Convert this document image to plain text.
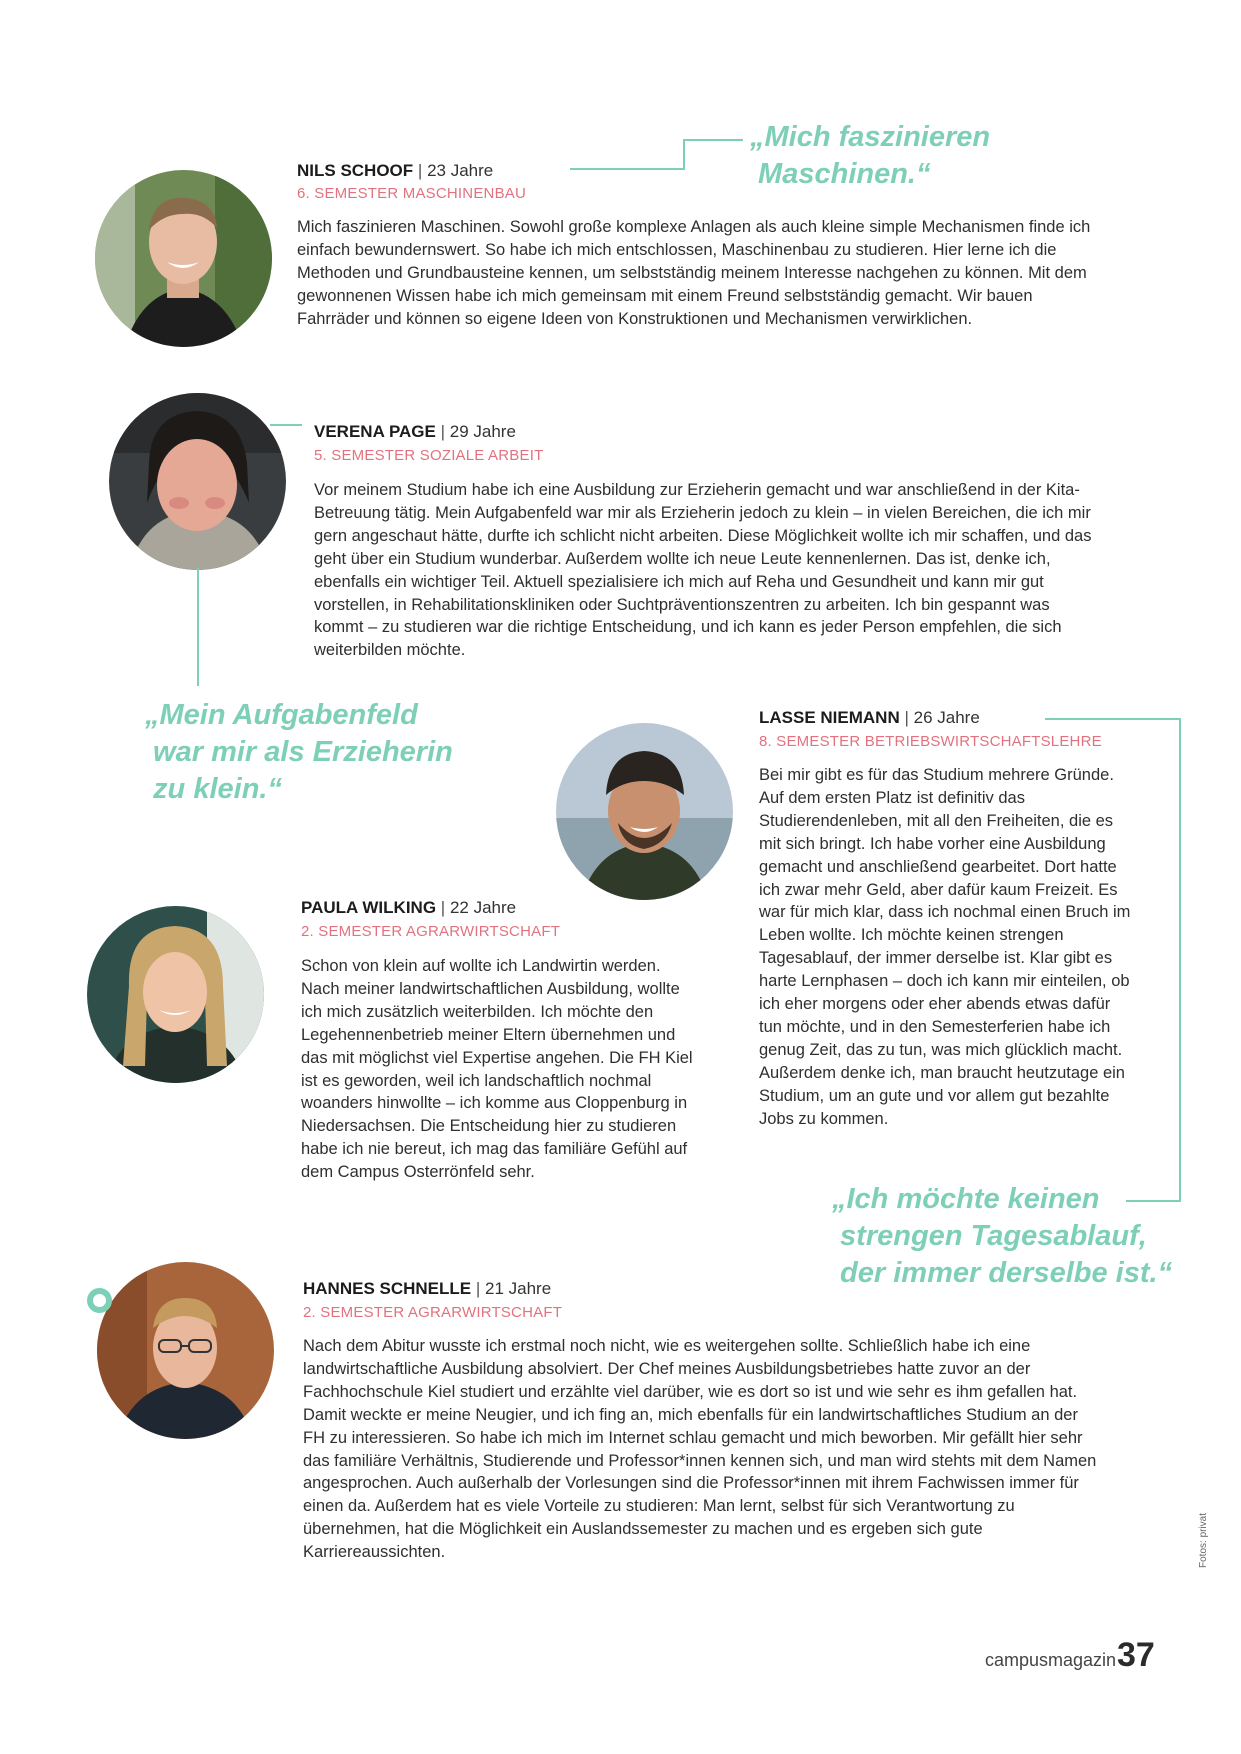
NILS SCHOOF | 23 Jahre
6. SEMESTER MASCHINENBAU
Mich faszinieren Maschinen. Sowohl große komplexe Anlagen als auch kleine simple Mechanismen finde ich einfach bewundernswert. So habe ich mich entschlossen, Maschinenbau zu studieren. Hier lerne ich die Methoden und Grundbausteine kennen, um selbstständig meinem Interesse nachgehen zu können. Mit dem gewonnenen Wissen habe ich mich gemeinsam mit einem Freund selbstständig gemacht. Wir bauen Fahrräder und können so eigene Ideen von Konstruktionen und Mechanismen verwirklichen.
„Mich faszinieren
Maschinen.“
VERENA PAGE | 29 Jahre
5. SEMESTER SOZIALE ARBEIT
Vor meinem Studium habe ich eine Ausbildung zur Erzieherin gemacht und war anschließend in der Kita-Betreuung tätig. Mein Aufgabenfeld war mir als Erzieherin jedoch zu klein – in vielen Bereichen, die ich mir gern angeschaut hätte, durfte ich schlicht nicht arbeiten. Diese Möglichkeit wollte ich mir schaffen, und das geht über ein Studium wunderbar. Außerdem wollte ich neue Leute kennenlernen. Das ist, denke ich, ebenfalls ein wichtiger Teil. Aktuell spezialisiere ich mich auf Reha und Gesundheit und kann mir gut vorstellen, in Rehabilitationskliniken oder Suchtpräventionszentren zu arbeiten. Ich bin gespannt was kommt – zu studieren war die richtige Entscheidung, und ich kann es jeder Person empfehlen, die sich weiterbilden möchte.
„Mein Aufgabenfeld
war mir als Erzieherin
zu klein.“
LASSE NIEMANN | 26 Jahre
8. SEMESTER BETRIEBSWIRTSCHAFTSLEHRE
Bei mir gibt es für das Studium mehrere Gründe. Auf dem ersten Platz ist definitiv das Studierendenleben, mit all den Freiheiten, die es mit sich bringt. Ich habe vorher eine Ausbildung gemacht und anschließend gearbeitet. Dort hatte ich zwar mehr Geld, aber dafür kaum Freizeit. Es war für mich klar, dass ich nochmal einen Bruch im Leben wollte. Ich möchte keinen strengen Tagesablauf, der immer derselbe ist. Klar gibt es harte Lernphasen – doch ich kann mir einteilen, ob ich eher morgens oder eher abends etwas dafür tun möchte, und in den Semesterferien habe ich genug Zeit, das zu tun, was mich glücklich macht. Außerdem denke ich, man braucht heutzutage ein Studium, um an gute und vor allem gut bezahlte Jobs zu kommen.
„Ich möchte keinen
strengen Tagesablauf,
der immer derselbe ist.“
PAULA WILKING | 22 Jahre
2. SEMESTER AGRARWIRTSCHAFT
Schon von klein auf wollte ich Landwirtin werden. Nach meiner landwirtschaftlichen Ausbildung, wollte ich mich zusätzlich weiterbilden. Ich möchte den Legehennenbetrieb meiner Eltern übernehmen und das mit möglichst viel Expertise angehen. Die FH Kiel ist es geworden, weil ich landschaftlich nochmal woanders hinwollte – ich komme aus Cloppenburg in Niedersachsen. Die Entscheidung hier zu studieren habe ich nie bereut, ich mag das familiäre Gefühl auf dem Campus Osterrönfeld sehr.
HANNES SCHNELLE | 21 Jahre
2. SEMESTER AGRARWIRTSCHAFT
Nach dem Abitur wusste ich erstmal noch nicht, wie es weitergehen sollte. Schließlich habe ich eine landwirtschaftliche Ausbildung absolviert. Der Chef meines Ausbildungsbetriebes hatte zuvor an der Fachhochschule Kiel studiert und erzählte viel darüber, wie es dort so ist und wie sehr es ihm gefallen hat. Damit weckte er meine Neugier, und ich fing an, mich ebenfalls für ein landwirtschaftliches Studium an der FH zu interessieren. So habe ich mich im Internet schlau gemacht und mich beworben. Mir gefällt hier sehr das familiäre Verhältnis, Studierende und Professor*innen kennen sich, und man wird stehts mit dem Namen angesprochen. Auch außerhalb der Vorlesungen sind die Professor*innen mit ihrem Fachwissen immer für einen da. Außerdem hat es viele Vorteile zu studieren: Man lernt, selbst für sich Verantwortung zu übernehmen, hat die Möglichkeit ein Auslandssemester zu machen und es ergeben sich gute Karriereaussichten.	Fotos: privat
campusmagazin 37
